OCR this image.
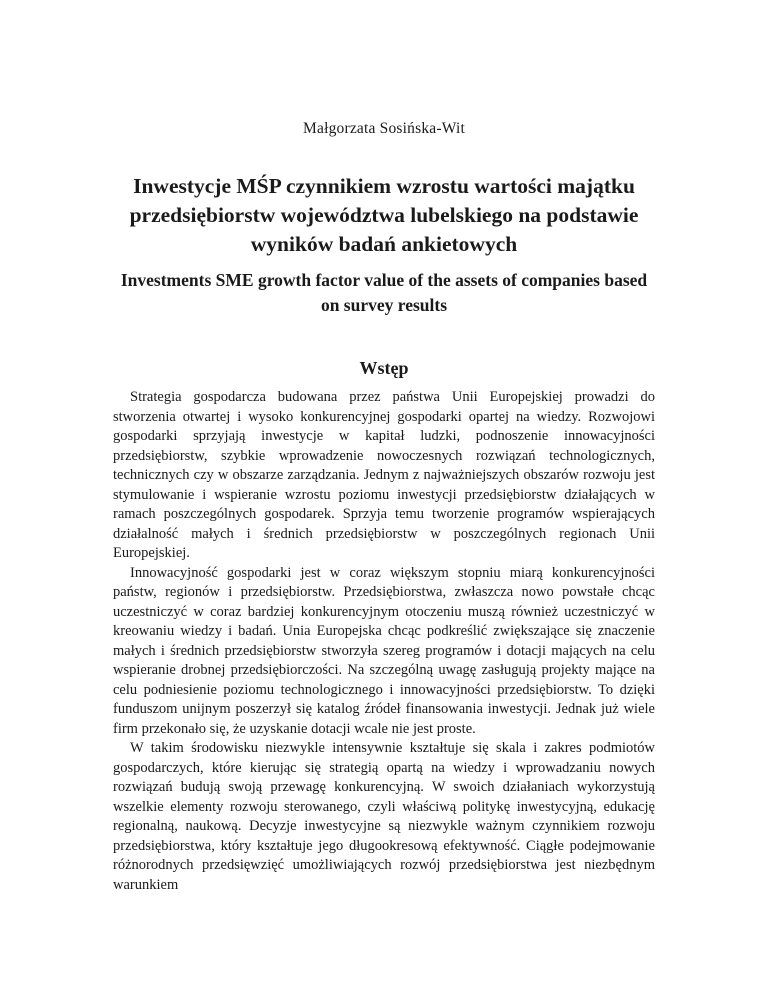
Małgorzata Sosińska-Wit
Inwestycje MŚP czynnikiem wzrostu wartości majątku przedsiębiorstw województwa lubelskiego na podstawie wyników badań ankietowych
Investments SME growth factor value of the assets of companies based on survey results
Wstęp

Strategia gospodarcza budowana przez państwa Unii Europejskiej prowadzi do stworzenia otwartej i wysoko konkurencyjnej gospodarki opartej na wiedzy. Rozwojowi gospodarki sprzyjają inwestycje w kapitał ludzki, podnoszenie innowacyjności przedsiębiorstw, szybkie wprowadzenie nowoczesnych rozwiązań technologicznych, technicznych czy w obszarze zarządzania. Jednym z najważniejszych obszarów rozwoju jest stymulowanie i wspieranie wzrostu poziomu inwestycji przedsiębiorstw działających w ramach poszczególnych gospodarek. Sprzyja temu tworzenie programów wspierających działalność małych i średnich przedsiębiorstw w poszczególnych regionach Unii Europejskiej.

Innowacyjność gospodarki jest w coraz większym stopniu miarą konkurencyjności państw, regionów i przedsiębiorstw. Przedsiębiorstwa, zwłaszcza nowo powstałe chcąc uczestniczyć w coraz bardziej konkurencyjnym otoczeniu muszą również uczestniczyć w kreowaniu wiedzy i badań. Unia Europejska chcąc podkreślić zwiększające się znaczenie małych i średnich przedsiębiorstw stworzyła szereg programów i dotacji mających na celu wspieranie drobnej przedsiębiorczości. Na szczególną uwagę zasługują projekty mające na celu podniesienie poziomu technologicznego i innowacyjności przedsiębiorstw. To dzięki funduszom unijnym poszerzył się katalog źródeł finansowania inwestycji. Jednak już wiele firm przekonało się, że uzyskanie dotacji wcale nie jest proste.

W takim środowisku niezwykle intensywnie kształtuje się skala i zakres podmiotów gospodarczych, które kierując się strategią opartą na wiedzy i wprowadzaniu nowych rozwiązań budują swoją przewagę konkurencyjną. W swoich działaniach wykorzystują wszelkie elementy rozwoju sterowanego, czyli właściwą politykę inwestycyjną, edukację regionalną, naukową. Decyzje inwestycyjne są niezwykle ważnym czynnikiem rozwoju przedsiębiorstwa, który kształtuje jego długookresową efektywność. Ciągłe podejmowanie różnorodnych przedsięwzięć umożliwiających rozwój przedsiębiorstwa jest niezbędnym warunkiem
